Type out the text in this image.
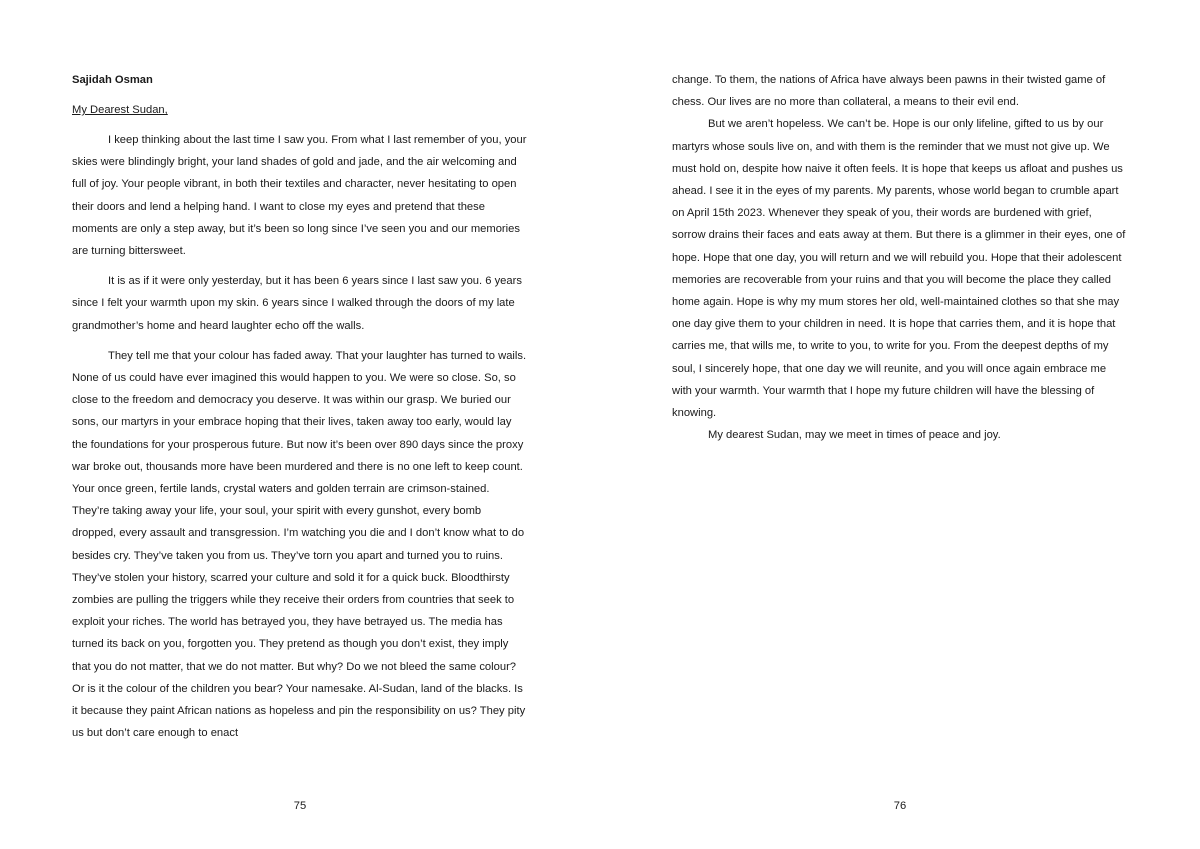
Sajidah Osman

My Dearest Sudan,

I keep thinking about the last time I saw you. From what I last remember of you, your skies were blindingly bright, your land shades of gold and jade, and the air welcoming and full of joy. Your people vibrant, in both their textiles and character, never hesitating to open their doors and lend a helping hand. I want to close my eyes and pretend that these moments are only a step away, but it’s been so long since I’ve seen you and our memories are turning bittersweet.

It is as if it were only yesterday, but it has been 6 years since I last saw you. 6 years since I felt your warmth upon my skin. 6 years since I walked through the doors of my late grandmother’s home and heard laughter echo off the walls.

They tell me that your colour has faded away. That your laughter has turned to wails. None of us could have ever imagined this would happen to you. We were so close. So, so close to the freedom and democracy you deserve. It was within our grasp. We buried our sons, our martyrs in your embrace hoping that their lives, taken away too early, would lay the foundations for your prosperous future. But now it’s been over 890 days since the proxy war broke out, thousands more have been murdered and there is no one left to keep count. Your once green, fertile lands, crystal waters and golden terrain are crimson-stained. They’re taking away your life, your soul, your spirit with every gunshot, every bomb dropped, every assault and transgression. I’m watching you die and I don’t know what to do besides cry. They’ve taken you from us. They’ve torn you apart and turned you to ruins. They’ve stolen your history, scarred your culture and sold it for a quick buck. Bloodthirsty zombies are pulling the triggers while they receive their orders from countries that seek to exploit your riches. The world has betrayed you, they have betrayed us. The media has turned its back on you, forgotten you. They pretend as though you don’t exist, they imply that you do not matter, that we do not matter. But why? Do we not bleed the same colour? Or is it the colour of the children you bear? Your namesake. Al-Sudan, land of the blacks. Is it because they paint African nations as hopeless and pin the responsibility on us? They pity us but don’t care enough to enact

75

change. To them, the nations of Africa have always been pawns in their twisted game of chess. Our lives are no more than collateral, a means to their evil end.

But we aren’t hopeless. We can’t be. Hope is our only lifeline, gifted to us by our martyrs whose souls live on, and with them is the reminder that we must not give up. We must hold on, despite how naive it often feels. It is hope that keeps us afloat and pushes us ahead. I see it in the eyes of my parents. My parents, whose world began to crumble apart on April 15th 2023. Whenever they speak of you, their words are burdened with grief, sorrow drains their faces and eats away at them. But there is a glimmer in their eyes, one of hope. Hope that one day, you will return and we will rebuild you. Hope that their adolescent memories are recoverable from your ruins and that you will become the place they called home again. Hope is why my mum stores her old, well-maintained clothes so that she may one day give them to your children in need. It is hope that carries them, and it is hope that carries me, that wills me, to write to you, to write for you. From the deepest depths of my soul, I sincerely hope, that one day we will reunite, and you will once again embrace me with your warmth. Your warmth that I hope my future children will have the blessing of knowing.

My dearest Sudan, may we meet in times of peace and joy.

76
